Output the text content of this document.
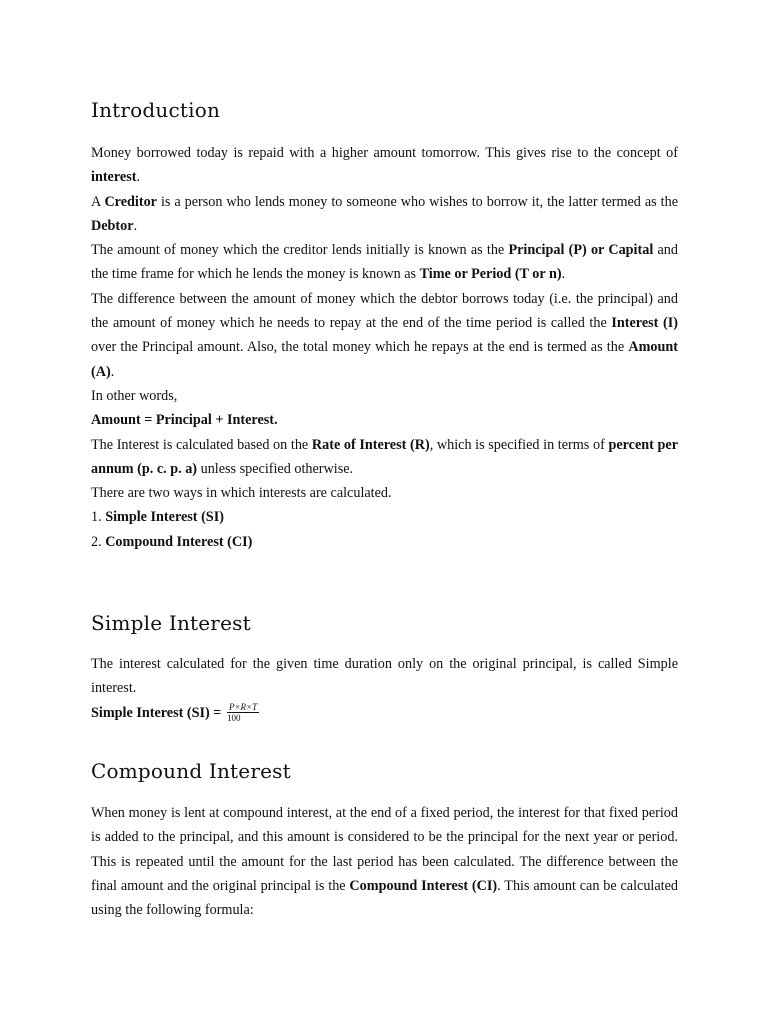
Introduction

Money borrowed today is repaid with a higher amount tomorrow. This gives rise to the concept of interest.

A Creditor is a person who lends money to someone who wishes to borrow it, the latter termed as the Debtor.

The amount of money which the creditor lends initially is known as the Principal (P) or Capital and the time frame for which he lends the money is known as Time or Period (T or n).

The difference between the amount of money which the debtor borrows today (i.e. the principal) and the amount of money which he needs to repay at the end of the time period is called the Interest (I) over the Principal amount. Also, the total money which he repays at the end is termed as the Amount (A).

In other words,

Amount = Principal + Interest.

The Interest is calculated based on the Rate of Interest (R), which is specified in terms of percent per annum (p. c. p. a) unless specified otherwise.

There are two ways in which interests are calculated.

1. Simple Interest (SI)

2. Compound Interest (CI)

Simple Interest

The interest calculated for the given time duration only on the original principal, is called Simple interest.

Simple Interest $(SI) = \frac{P\times R\times T}{100}$

Compound Interest

When money is lent at compound interest, at the end of a fixed period, the interest for that fixed period is added to the principal, and this amount is considered to be the principal for the next year or period. This is repeated until the amount for the last period has been calculated. The difference between the final amount and the original principal is the Compound Interest (CI). This amount can be calculated using the following formula:
